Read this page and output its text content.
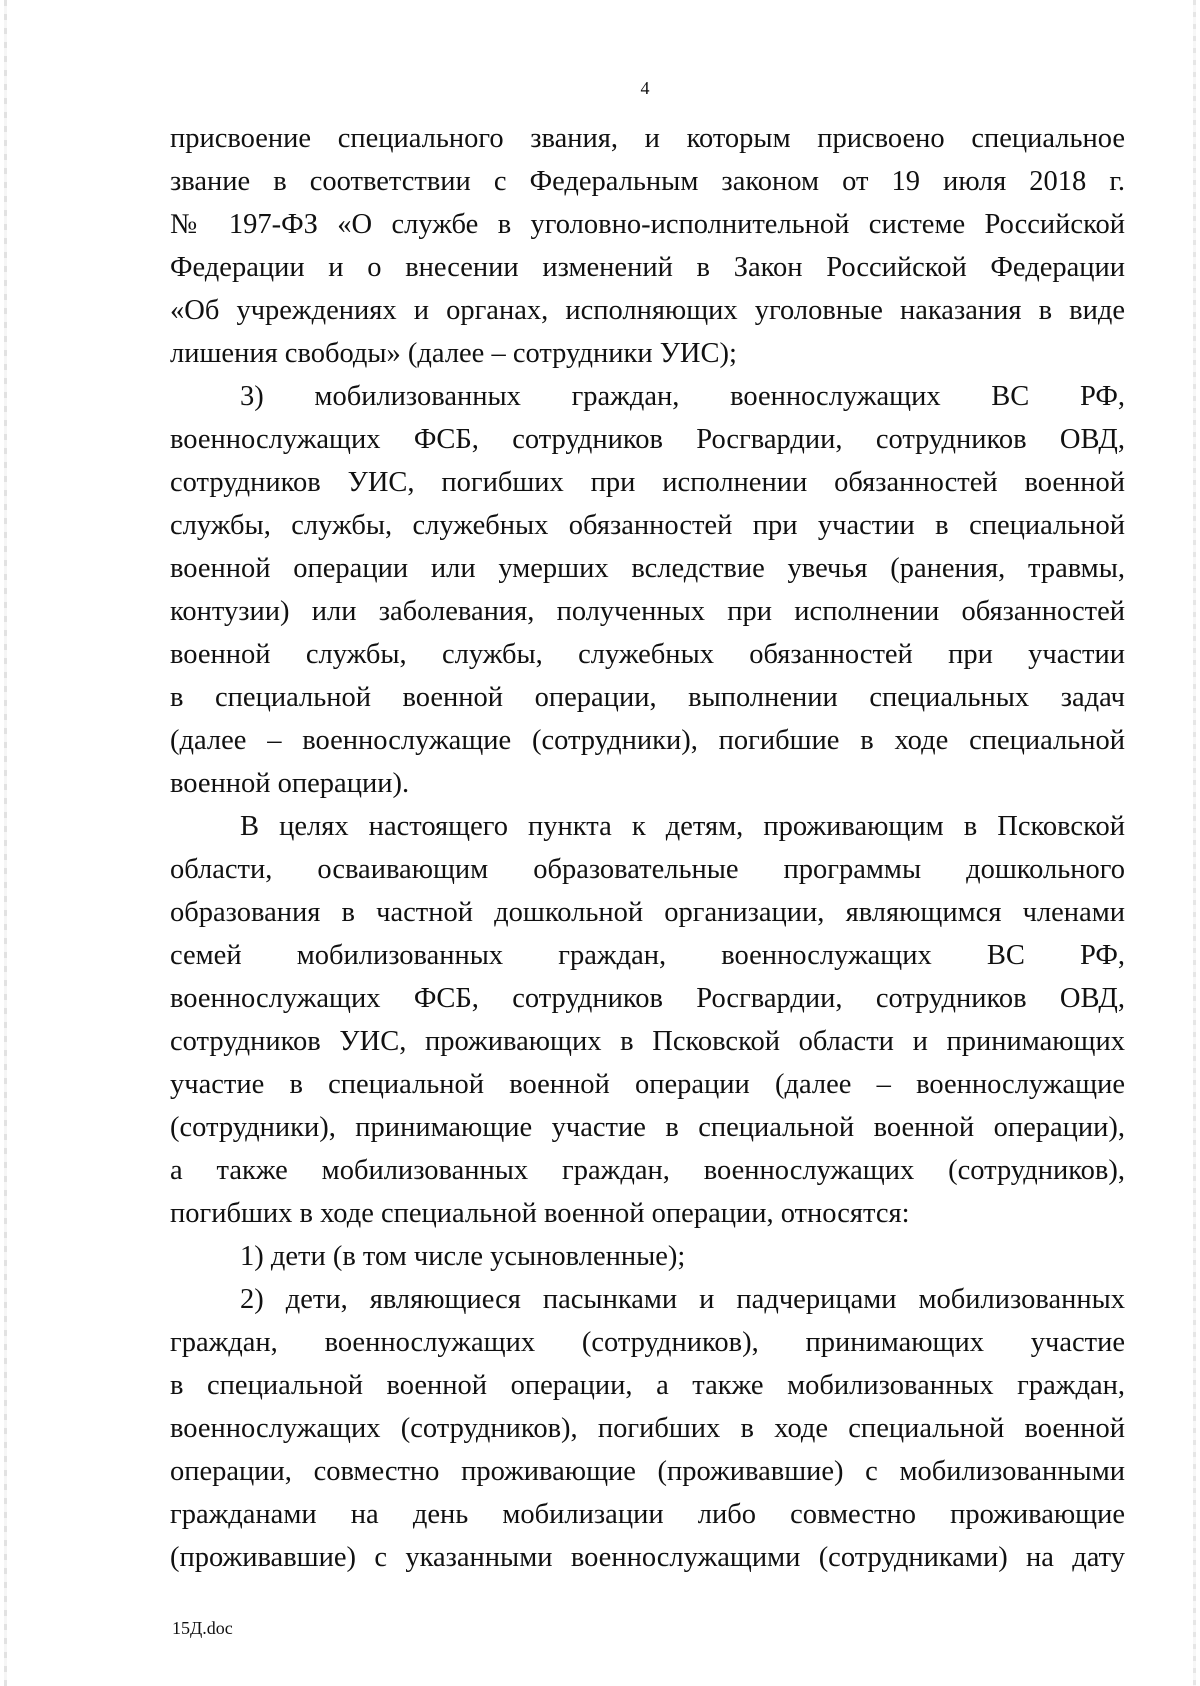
4
присвоение специального звания, и которым присвоено специальное
звание в соответствии с Федеральным законом от 19 июля 2018 г.
№ 197-ФЗ «О службе в уголовно-исполнительной системе Российской
Федерации и о внесении изменений в Закон Российской Федерации
«Об учреждениях и органах, исполняющих уголовные наказания в виде
лишения свободы» (далее – сотрудники УИС);
3) мобилизованных граждан, военнослужащих ВС РФ,
военнослужащих ФСБ, сотрудников Росгвардии, сотрудников ОВД,
сотрудников УИС, погибших при исполнении обязанностей военной
службы, службы, служебных обязанностей при участии в специальной
военной операции или умерших вследствие увечья (ранения, травмы,
контузии) или заболевания, полученных при исполнении обязанностей
военной службы, службы, служебных обязанностей при участии
в специальной военной операции, выполнении специальных задач
(далее – военнослужащие (сотрудники), погибшие в ходе специальной
военной операции).
В целях настоящего пункта к детям, проживающим в Псковской
области, осваивающим образовательные программы дошкольного
образования в частной дошкольной организации, являющимся членами
семей мобилизованных граждан, военнослужащих ВС РФ,
военнослужащих ФСБ, сотрудников Росгвардии, сотрудников ОВД,
сотрудников УИС, проживающих в Псковской области и принимающих
участие в специальной военной операции (далее – военнослужащие
(сотрудники), принимающие участие в специальной военной операции),
а также мобилизованных граждан, военнослужащих (сотрудников),
погибших в ходе специальной военной операции, относятся:
1) дети (в том числе усыновленные);
2) дети, являющиеся пасынками и падчерицами мобилизованных
граждан, военнослужащих (сотрудников), принимающих участие
в специальной военной операции, а также мобилизованных граждан,
военнослужащих (сотрудников), погибших в ходе специальной военной
операции, совместно проживающие (проживавшие) с мобилизованными
гражданами на день мобилизации либо совместно проживающие
(проживавшие) с указанными военнослужащими (сотрудниками) на дату
15Д.doc
